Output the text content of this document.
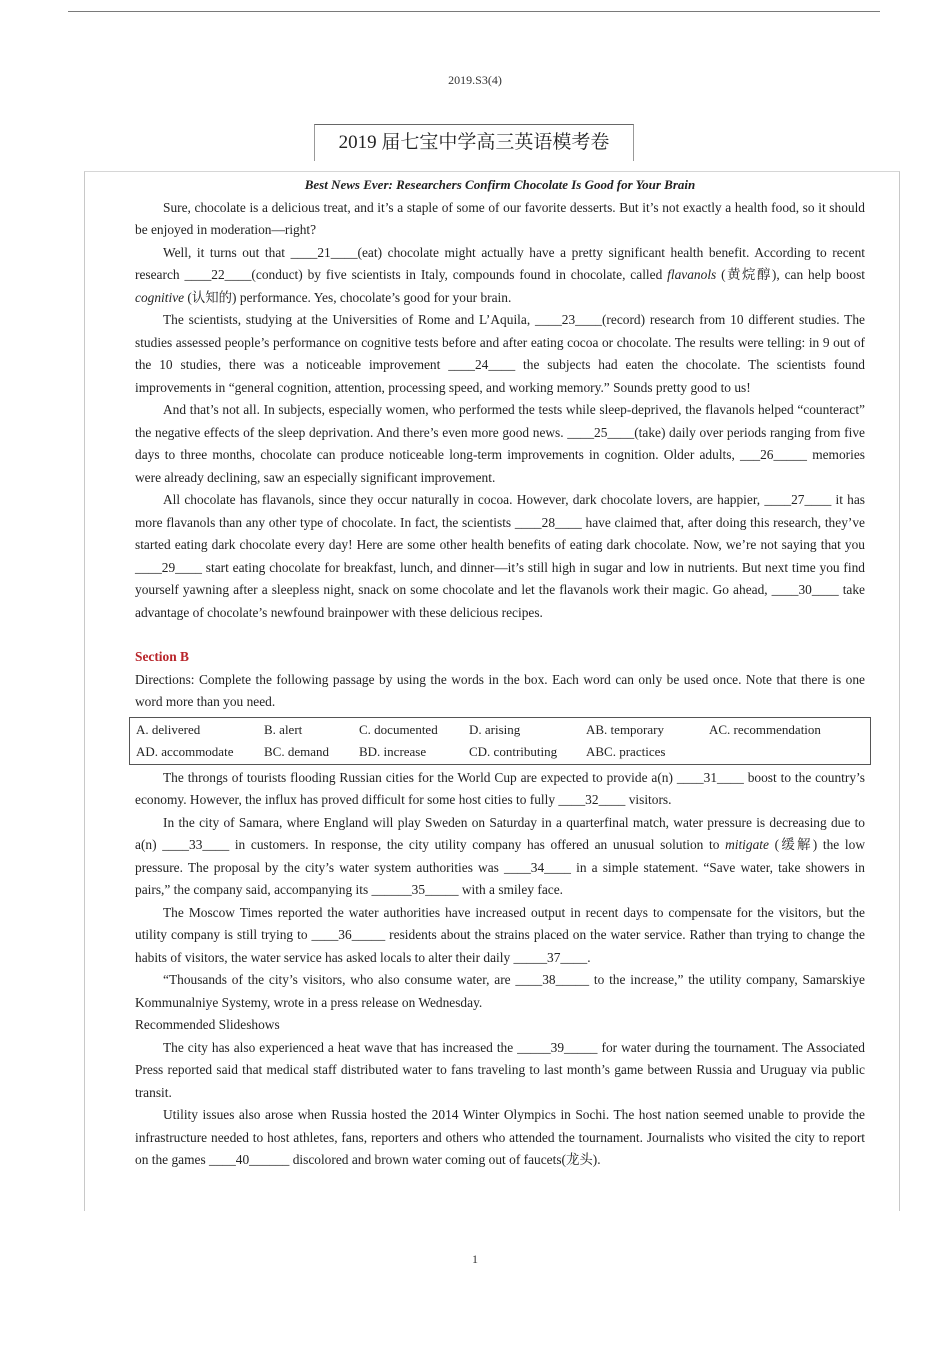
2019.S3(4)
2019 届七宝中学高三英语模考卷

Best News Ever: Researchers Confirm Chocolate Is Good for Your Brain

Sure, chocolate is a delicious treat, and it’s a staple of some of our favorite desserts. But it’s not exactly a health food, so it should be enjoyed in moderation—right?

Well, it turns out that ____21____(eat) chocolate might actually have a pretty significant health benefit. According to recent research ____22____(conduct) by five scientists in Italy, compounds found in chocolate, called flavanols (黄烷醇), can help boost cognitive (认知的) performance. Yes, chocolate’s good for your brain.

The scientists, studying at the Universities of Rome and L’Aquila, ____23____(record) research from 10 different studies. The studies assessed people’s performance on cognitive tests before and after eating cocoa or chocolate. The results were telling: in 9 out of the 10 studies, there was a noticeable improvement ____24____ the subjects had eaten the chocolate. The scientists found improvements in “general cognition, attention, processing speed, and working memory.” Sounds pretty good to us!

And that’s not all. In subjects, especially women, who performed the tests while sleep-deprived, the flavanols helped “counteract” the negative effects of the sleep deprivation. And there’s even more good news. ____25____(take) daily over periods ranging from five days to three months, chocolate can produce noticeable long-term improvements in cognition. Older adults, ___26_____ memories were already declining, saw an especially significant improvement.

All chocolate has flavanols, since they occur naturally in cocoa. However, dark chocolate lovers, are happier, ____27____ it has more flavanols than any other type of chocolate. In fact, the scientists ____28____ have claimed that, after doing this research, they’ve started eating dark chocolate every day! Here are some other health benefits of eating dark chocolate. Now, we’re not saying that you ____29____ start eating chocolate for breakfast, lunch, and dinner—it’s still high in sugar and low in nutrients. But next time you find yourself yawning after a sleepless night, snack on some chocolate and let the flavanols work their magic. Go ahead, ____30____ take advantage of chocolate’s newfound brainpower with these delicious recipes.

Section B

Directions: Complete the following passage by using the words in the box. Each word can only be used once. Note that there is one word more than you need.

A. delivered	B. alert	C. documented	D. arising	AB. temporary	AC. recommendation
AD. accommodate	BC. demand	BD. increase	CD. contributing	ABC. practices

The throngs of tourists flooding Russian cities for the World Cup are expected to provide a(n) ____31____ boost to the country’s economy. However, the influx has proved difficult for some host cities to fully ____32____ visitors.

In the city of Samara, where England will play Sweden on Saturday in a quarterfinal match, water pressure is decreasing due to a(n) ____33____ in customers. In response, the city utility company has offered an unusual solution to mitigate (缓解) the low pressure. The proposal by the city’s water system authorities was ____34____ in a simple statement. “Save water, take showers in pairs,” the company said, accompanying its ______35_____ with a smiley face.

The Moscow Times reported the water authorities have increased output in recent days to compensate for the visitors, but the utility company is still trying to ____36_____ residents about the strains placed on the water service. Rather than trying to change the habits of visitors, the water service has asked locals to alter their daily _____37____.

“Thousands of the city’s visitors, who also consume water, are ____38_____ to the increase,” the utility company, Samarskiye Kommunalniye Systemy, wrote in a press release on Wednesday.

Recommended Slideshows

The city has also experienced a heat wave that has increased the _____39_____ for water during the tournament. The Associated Press reported said that medical staff distributed water to fans traveling to last month’s game between Russia and Uruguay via public transit.

Utility issues also arose when Russia hosted the 2014 Winter Olympics in Sochi. The host nation seemed unable to provide the infrastructure needed to host athletes, fans, reporters and others who attended the tournament. Journalists who visited the city to report on the games ____40______ discolored and brown water coming out of faucets(龙头).

1
